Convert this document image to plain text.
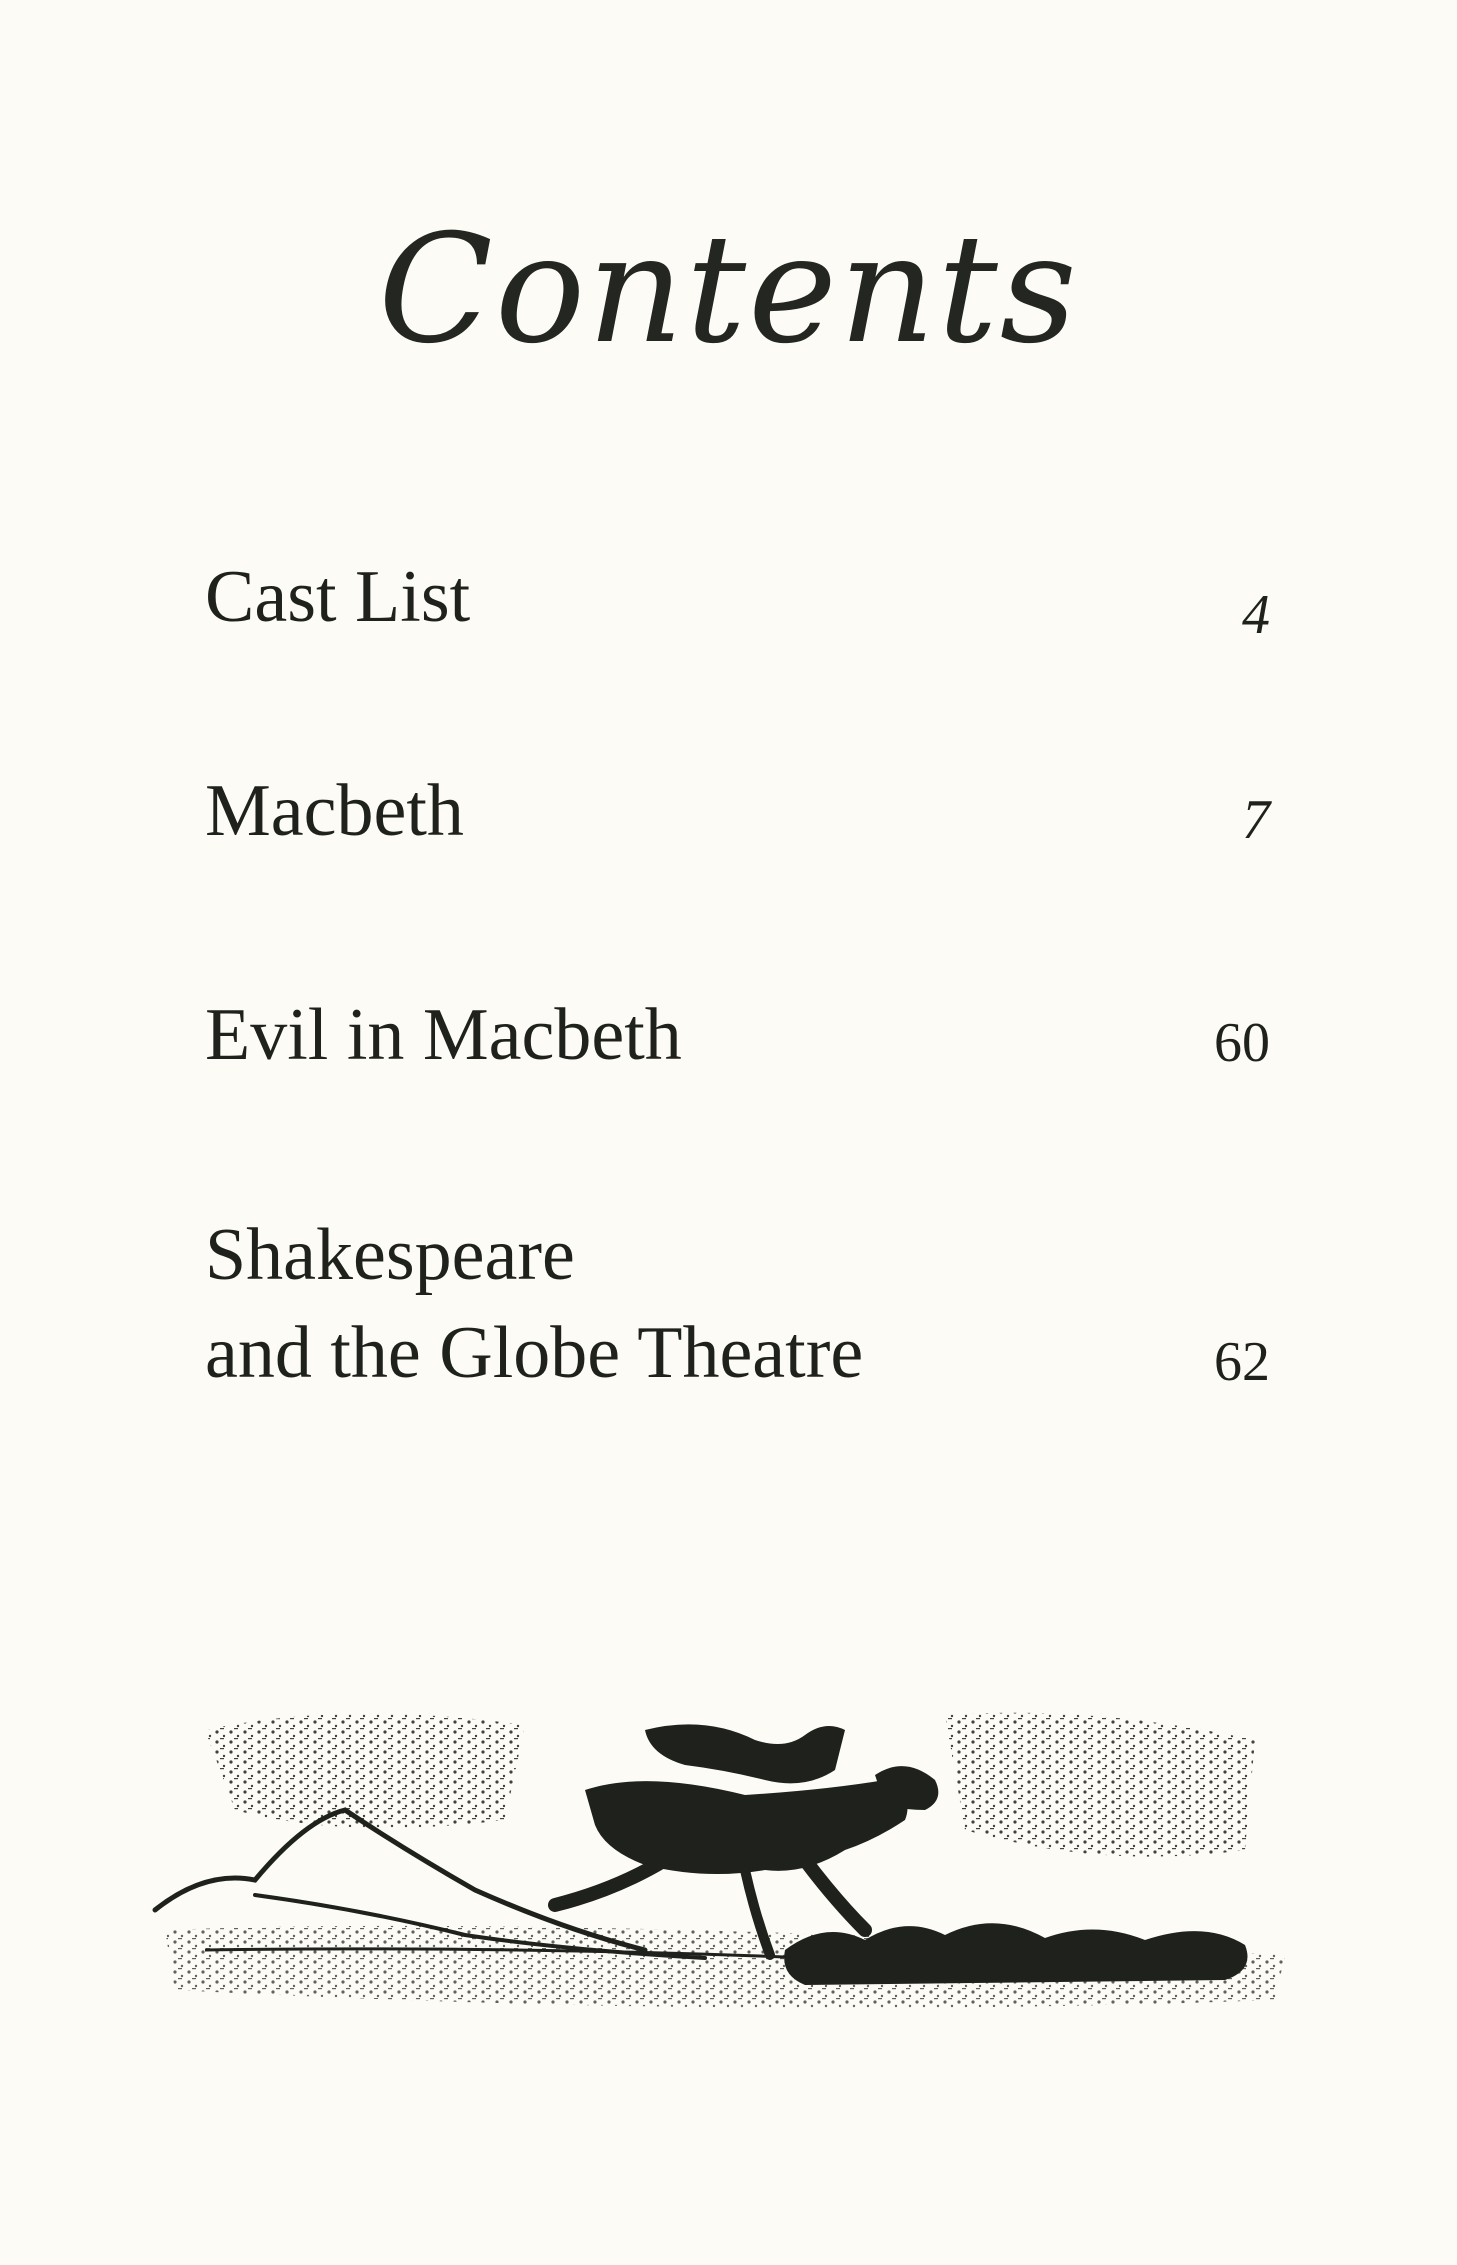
Contents
Cast List	4
Macbeth	7
Evil in Macbeth	60
Shakespeare
and the Globe Theatre	62
